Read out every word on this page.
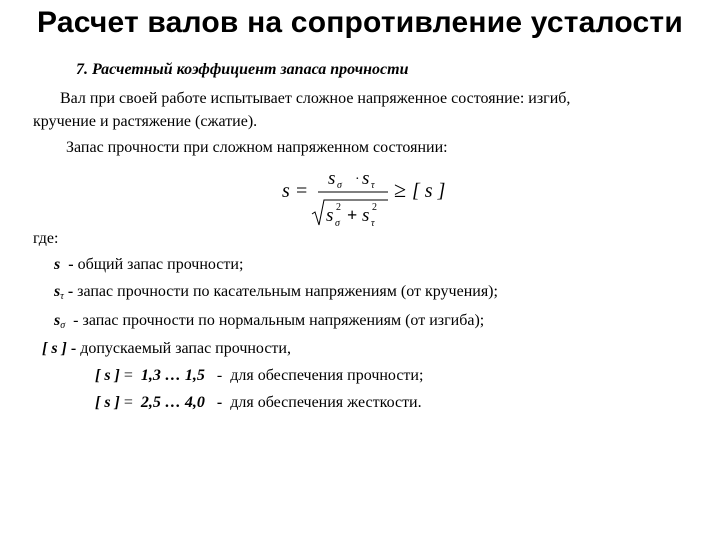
Расчет валов на сопротивление усталости
7. Расчетный коэффициент запаса прочности
Вал при своей работе испытывает сложное напряженное состояние: изгиб,
кручение и растяжение (сжатие).
Запас прочности при сложном напряженном состоянии:
s =
s σ · s τ
s σ
2 + s τ
2
≥ [ s ]
где:
s - общий запас прочности;
$s_\tau$ - запас прочности по касательным напряжениям (от кручения);
$s_\sigma$ - запас прочности по нормальным напряжениям (от изгиба);
[ s ] - допускаемый запас прочности,
[ s ] = 1,3 … 1,5 - для обеспечения прочности;
[ s ] = 2,5 … 4,0 - для обеспечения жесткости.
